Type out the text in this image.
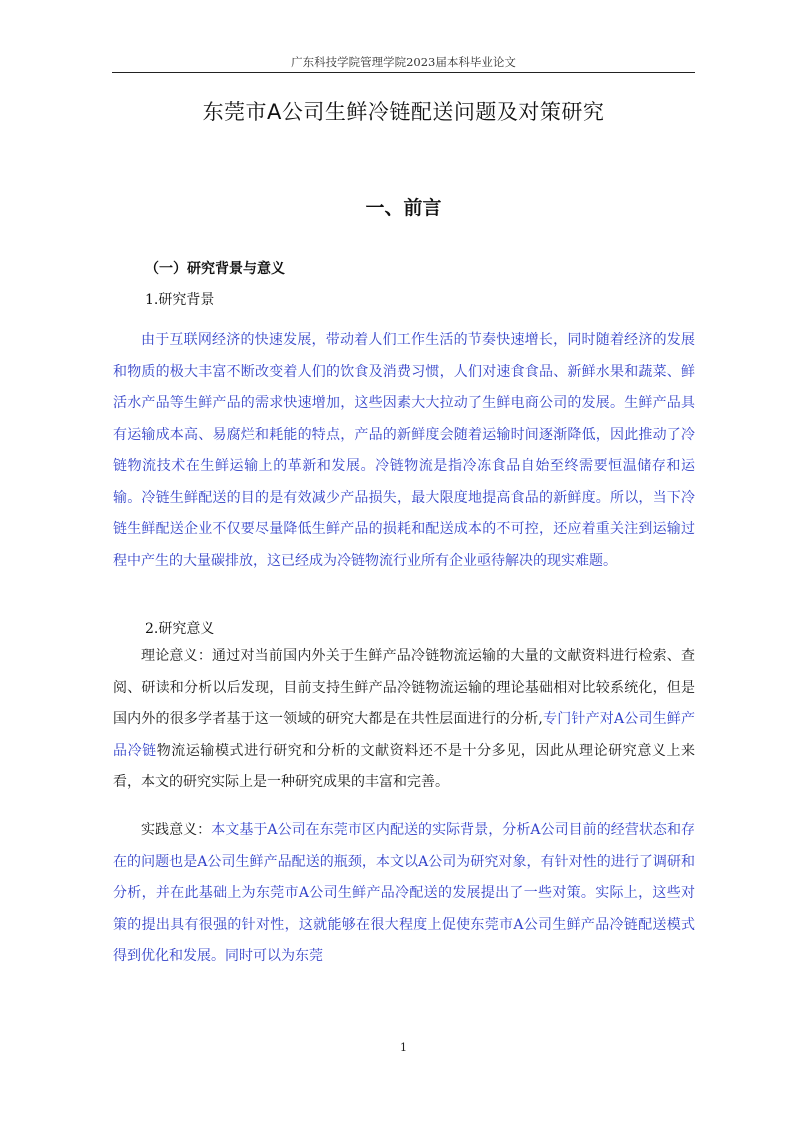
广东科技学院管理学院2023届本科毕业论文
东莞市A公司生鲜冷链配送问题及对策研究
一、前言
（一）研究背景与意义
1.研究背景

由于互联网经济的快速发展，带动着人们工作生活的节奏快速增长，同时随着经济的发展和物质的极大丰富不断改变着人们的饮食及消费习惯，人们对速食食品、新鲜水果和蔬菜、鲜活水产品等生鲜产品的需求快速增加，这些因素大大拉动了生鲜电商公司的发展。生鲜产品具有运输成本高、易腐烂和耗能的特点，产品的新鲜度会随着运输时间逐渐降低，因此推动了冷链物流技术在生鲜运输上的革新和发展。冷链物流是指冷冻食品自始至终需要恒温储存和运输。冷链生鲜配送的目的是有效减少产品损失，最大限度地提高食品的新鲜度。所以，当下冷链生鲜配送企业不仅要尽量降低生鲜产品的损耗和配送成本的不可控，还应着重关注到运输过程中产生的大量碳排放，这已经成为冷链物流行业所有企业亟待解决的现实难题。

2.研究意义

理论意义：通过对当前国内外关于生鲜产品冷链物流运输的大量的文献资料进行检索、查阅、研读和分析以后发现，目前支持生鲜产品冷链物流运输的理论基础相对比较系统化，但是国内外的很多学者基于这一领域的研究大都是在共性层面进行的分析,专门针产对A公司生鲜产品冷链物流运输模式进行研究和分析的文献资料还不是十分多见，因此从理论研究意义上来看，本文的研究实际上是一种研究成果的丰富和完善。

实践意义：本文基于A公司在东莞市区内配送的实际背景，分析A公司目前的经营状态和存在的问题也是A公司生鲜产品配送的瓶颈，本文以A公司为研究对象，有针对性的进行了调研和分析，并在此基础上为东莞市A公司生鲜产品冷配送的发展提出了一些对策。实际上，这些对策的提出具有很强的针对性，这就能够在很大程度上促使东莞市A公司生鲜产品冷链配送模式得到优化和发展。同时可以为东莞

1
